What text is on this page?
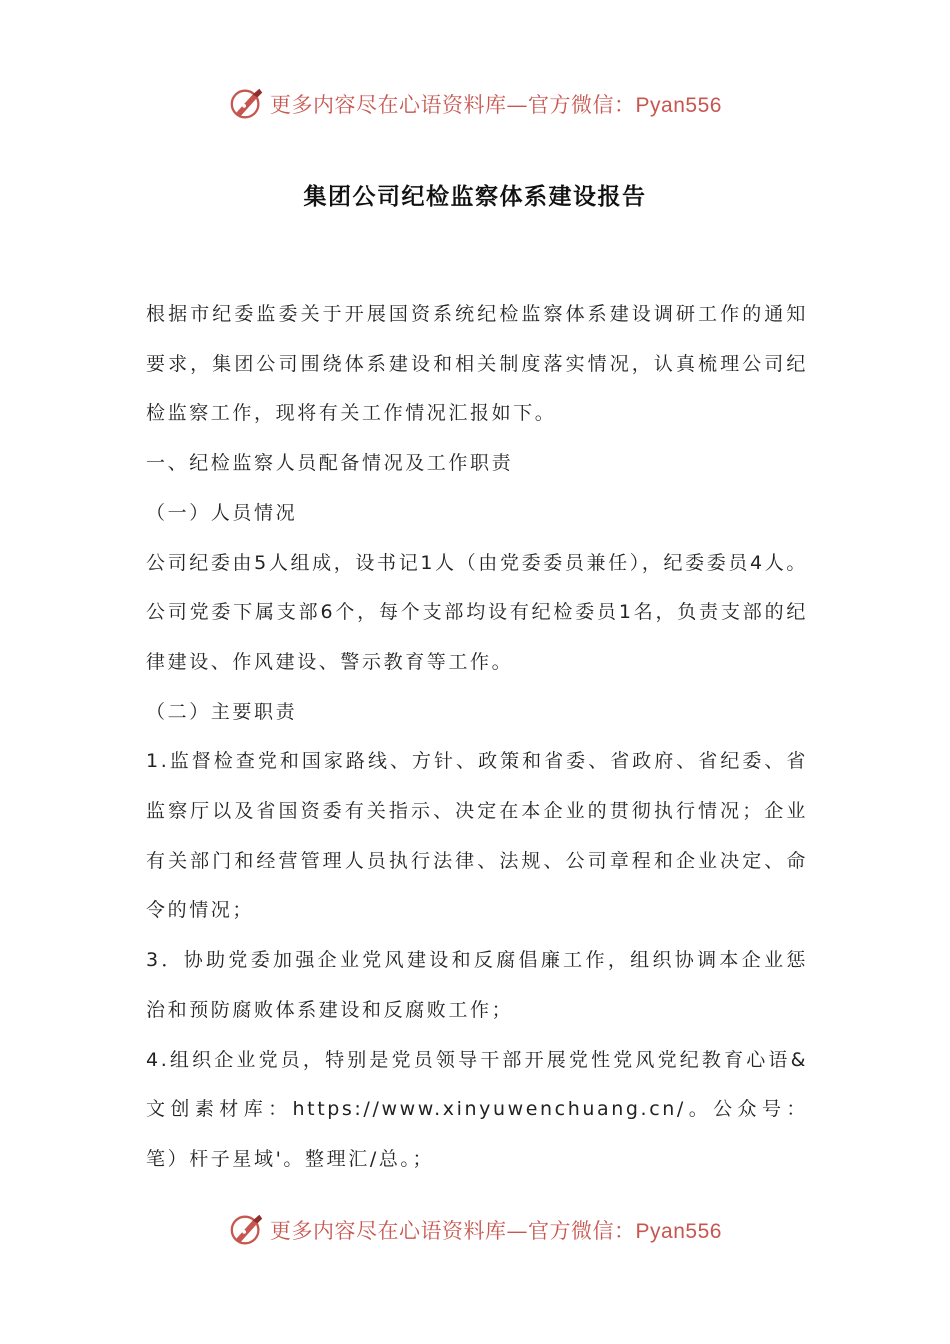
更多内容尽在心语资料库—官方微信：Pyan556
集团公司纪检监察体系建设报告

根据市纪委监委关于开展国资系统纪检监察体系建设调研工作的通知要求，集团公司围绕体系建设和相关制度落实情况，认真梳理公司纪检监察工作，现将有关工作情况汇报如下。

一、纪检监察人员配备情况及工作职责

（一）人员情况

公司纪委由5人组成，设书记1人（由党委委员兼任），纪委委员4人。公司党委下属支部6个，每个支部均设有纪检委员1名，负责支部的纪律建设、作风建设、警示教育等工作。

（二）主要职责

1.监督检查党和国家路线、方针、政策和省委、省政府、省纪委、省监察厅以及省国资委有关指示、决定在本企业的贯彻执行情况；企业有关部门和经营管理人员执行法律、法规、公司章程和企业决定、命令的情况；

3．协助党委加强企业党风建设和反腐倡廉工作，组织协调本企业惩治和预防腐败体系建设和反腐败工作；

4.组织企业党员，特别是党员领导干部开展党性党风党纪教育心语&文创素材库：https://www.xinyuwenchuang.cn/。公众号：笔）杆子星域'。整理汇/总。；

更多内容尽在心语资料库—官方微信：Pyan556
